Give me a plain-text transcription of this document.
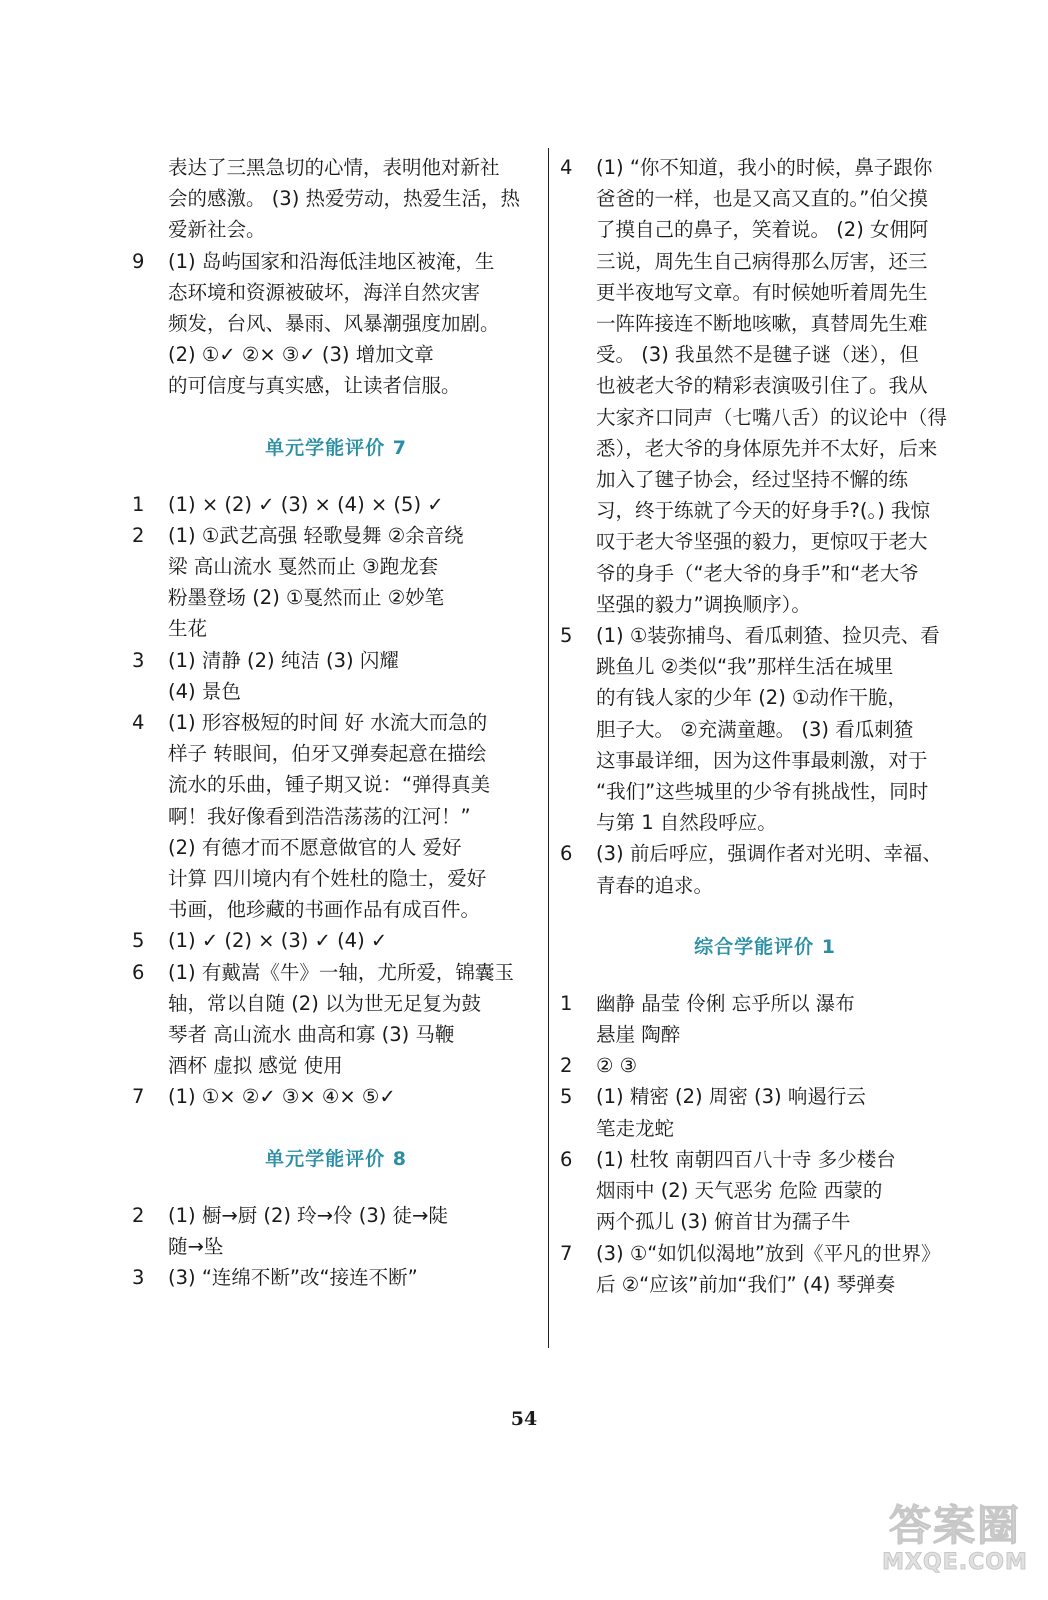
表达了三黑急切的心情，表明他对新社
会的感激。 (3) 热爱劳动，热爱生活，热
爱新社会。
9	(1) 岛屿国家和沿海低洼地区被淹，生
态环境和资源被破坏，海洋自然灾害
频发，台风、暴雨、风暴潮强度加剧。
(2) ①✓ ②× ③✓ (3) 增加文章
的可信度与真实感，让读者信服。
单元学能评价 7
1	(1) × (2) ✓ (3) × (4) × (5) ✓
2	(1) ①武艺高强 轻歌曼舞 ②余音绕
梁 高山流水 戛然而止 ③跑龙套
粉墨登场 (2) ①戛然而止 ②妙笔
生花
3	(1) 清静 (2) 纯洁 (3) 闪耀
(4) 景色
4	(1) 形容极短的时间 好 水流大而急的
样子 转眼间，伯牙又弹奏起意在描绘
流水的乐曲，锺子期又说：“弹得真美
啊！我好像看到浩浩荡荡的江河！”
(2) 有德才而不愿意做官的人 爱好
计算 四川境内有个姓杜的隐士，爱好
书画，他珍藏的书画作品有成百件。
5	(1) ✓ (2) × (3) ✓ (4) ✓
6	(1) 有戴嵩《牛》一轴，尤所爱，锦囊玉
轴，常以自随 (2) 以为世无足复为鼓
琴者 高山流水 曲高和寡 (3) 马鞭
酒杯 虚拟 感觉 使用
7	(1) ①× ②✓ ③× ④× ⑤✓
单元学能评价 8
2	(1) 橱→厨 (2) 玲→伶 (3) 徒→陡
随→坠
3	(3) “连绵不断”改“接连不断”
4	(1) “你不知道，我小的时候，鼻子跟你
爸爸的一样，也是又高又直的。”伯父摸
了摸自己的鼻子，笑着说。 (2) 女佣阿
三说，周先生自己病得那么厉害，还三
更半夜地写文章。有时候她听着周先生
一阵阵接连不断地咳嗽，真替周先生难
受。 (3) 我虽然不是毽子谜（迷），但
也被老大爷的精彩表演吸引住了。我从
大家齐口同声（七嘴八舌）的议论中（得
悉），老大爷的身体原先并不太好，后来
加入了毽子协会，经过坚持不懈的练
习，终于练就了今天的好身手?(。) 我惊
叹于老大爷坚强的毅力，更惊叹于老大
爷的身手（“老大爷的身手”和“老大爷
坚强的毅力”调换顺序）。
5	(1) ①装弥捕鸟、看瓜刺猹、捡贝壳、看
跳鱼儿 ②类似“我”那样生活在城里
的有钱人家的少年 (2) ①动作干脆，
胆子大。 ②充满童趣。 (3) 看瓜刺猹
这事最详细，因为这件事最刺激，对于
“我们”这些城里的少爷有挑战性，同时
与第 1 自然段呼应。
6	(3) 前后呼应，强调作者对光明、幸福、
青春的追求。
综合学能评价 1
1	幽静 晶莹 伶俐 忘乎所以 瀑布
悬崖 陶醉
2	② ③
5	(1) 精密 (2) 周密 (3) 响遏行云
笔走龙蛇
6	(1) 杜牧 南朝四百八十寺 多少楼台
烟雨中 (2) 天气恶劣 危险 西蒙的
两个孤儿 (3) 俯首甘为孺子牛
7	(3) ①“如饥似渴地”放到《平凡的世界》
后 ②“应该”前加“我们” (4) 琴弹奏
54
答案圈
MXQE.COM
